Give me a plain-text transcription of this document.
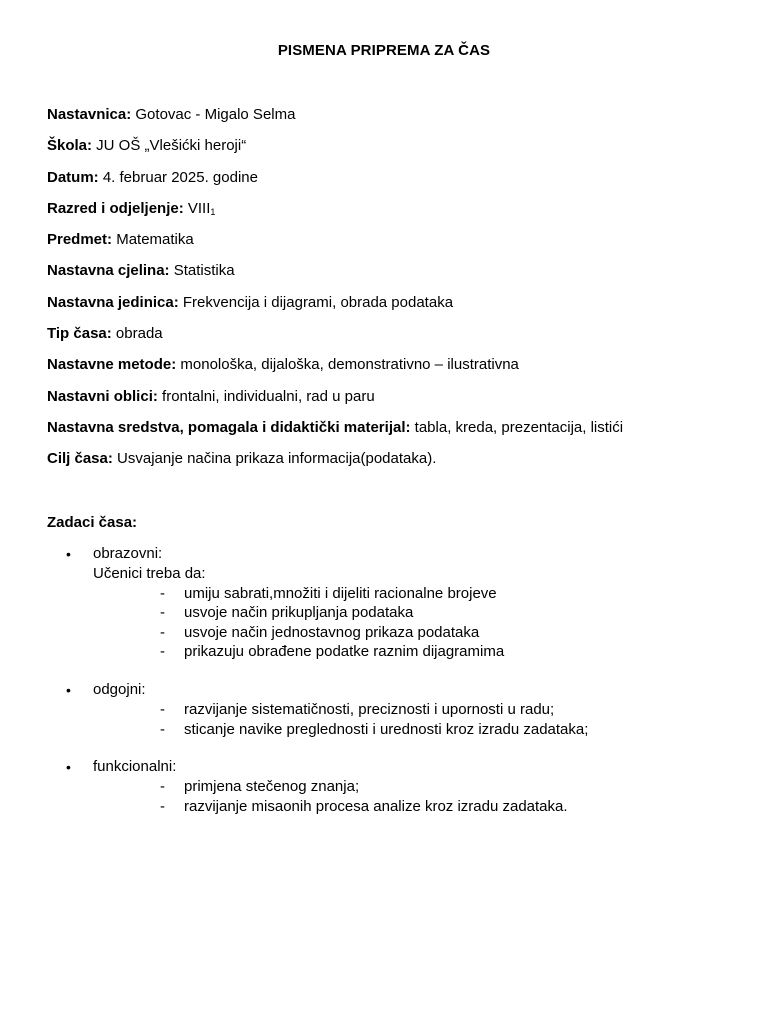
PISMENA PRIPREMA ZA ČAS
Nastavnica: Gotovac - Migalo Selma
Škola: JU OŠ „Vlešićki heroji“
Datum: 4. februar 2025. godine
Razred i odjeljenje: $VIII_1$
Predmet: Matematika
Nastavna cjelina: Statistika
Nastavna jedinica: Frekvencija i dijagrami, obrada podataka
Tip časa: obrada
Nastavne metode: monološka, dijaloška, demonstrativno – ilustrativna
Nastavni oblici: frontalni, individualni, rad u paru
Nastavna sredstva, pomagala i didaktički materijal: tabla, kreda, prezentacija, listići
Cilj časa: Usvajanje načina prikaza informacija(podataka).
Zadaci časa:
• obrazovni:
Učenici treba da:
- umiju sabrati,množiti i dijeliti racionalne brojeve
- usvoje način prikupljanja podataka
- usvoje način jednostavnog prikaza podataka
- prikazuju obrađene podatke raznim dijagramima
• odgojni:
- razvijanje sistematičnosti, preciznosti i upornosti u radu;
- sticanje navike preglednosti i urednosti kroz izradu zadataka;
• funkcionalni:
- primjena stečenog znanja;
- razvijanje misaonih procesa analize kroz izradu zadataka.
